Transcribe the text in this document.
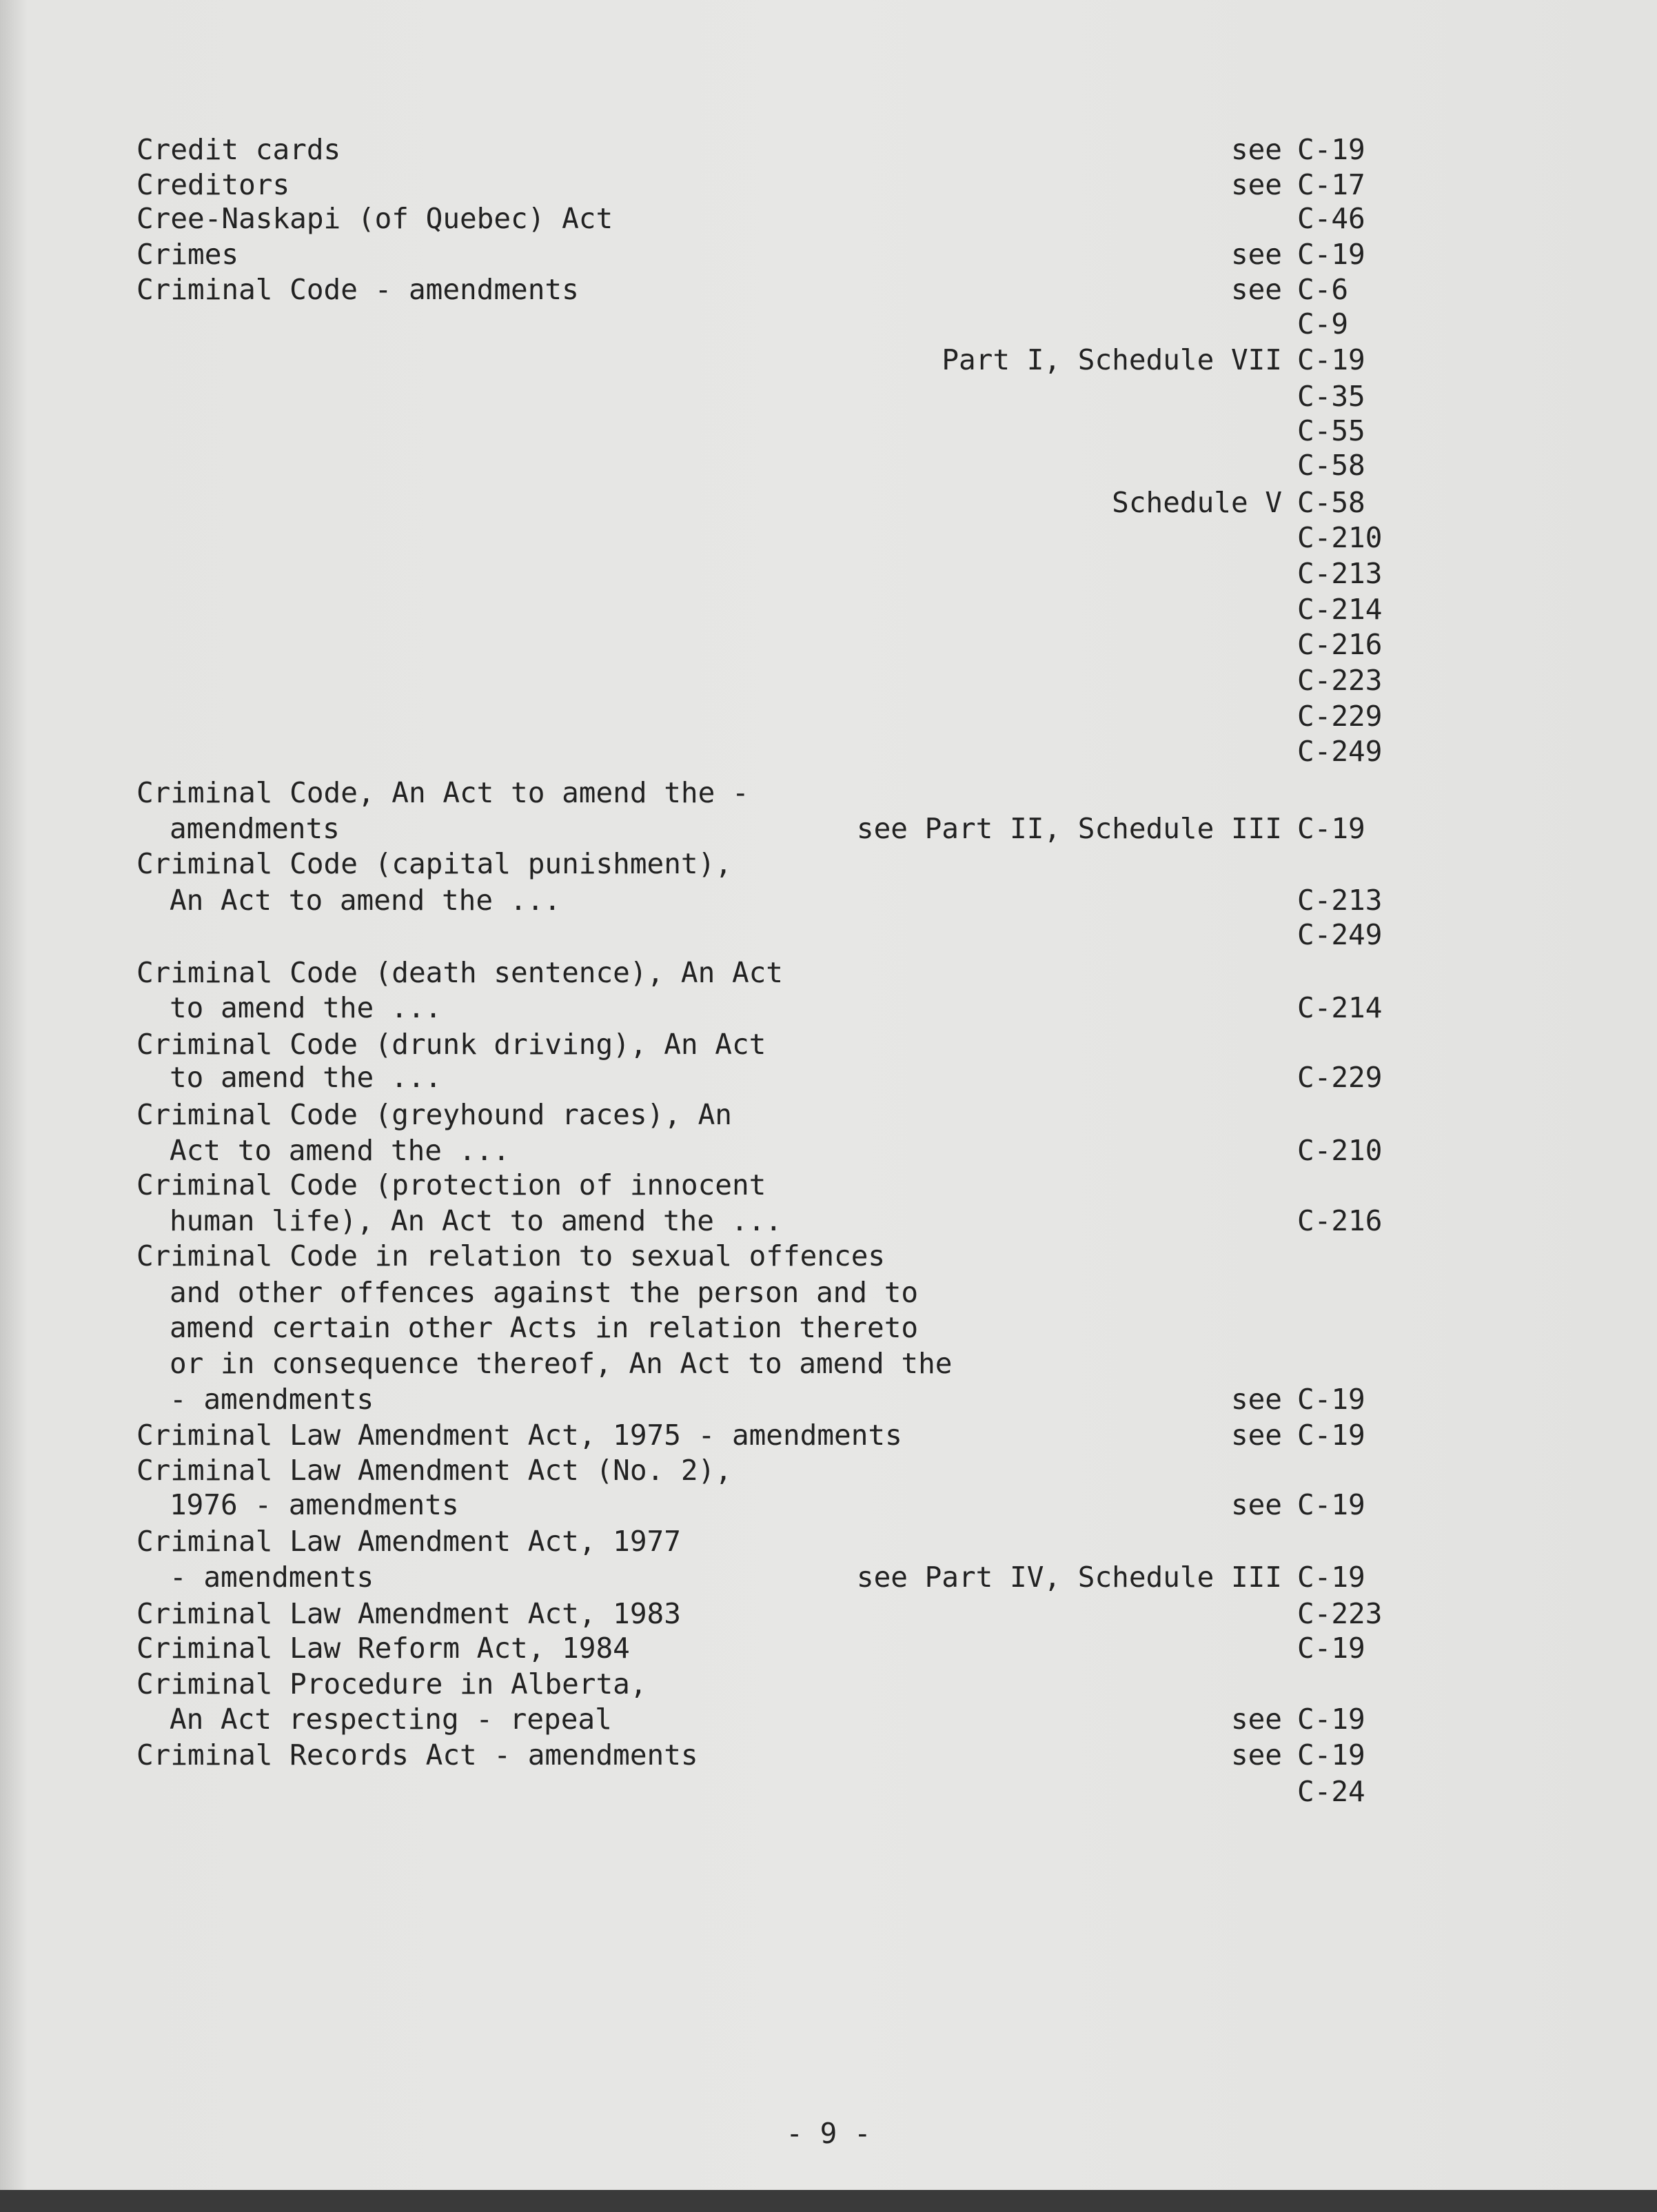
Credit cards	see C-19
Creditors	see C-17
Cree-Naskapi (of Quebec) Act	C-46
Crimes	see C-19
Criminal Code - amendments	see C-6
C-9
Part I, Schedule VII C-19
C-35
C-55
C-58
Schedule V C-58
C-210
C-213
C-214
C-216
C-223
C-229
C-249
Criminal Code, An Act to amend the -
amendments	see Part II, Schedule III C-19
Criminal Code (capital punishment),
An Act to amend the ...	C-213
C-249
Criminal Code (death sentence), An Act
to amend the ...	C-214
Criminal Code (drunk driving), An Act
to amend the ...	C-229
Criminal Code (greyhound races), An
Act to amend the ...	C-210
Criminal Code (protection of innocent
human life), An Act to amend the ...	C-216
Criminal Code in relation to sexual offences
and other offences against the person and to
amend certain other Acts in relation thereto
or in consequence thereof, An Act to amend the
- amendments	see C-19
Criminal Law Amendment Act, 1975 - amendments	see C-19
Criminal Law Amendment Act (No. 2),
1976 - amendments	see C-19
Criminal Law Amendment Act, 1977
- amendments	see Part IV, Schedule III C-19
Criminal Law Amendment Act, 1983	C-223
Criminal Law Reform Act, 1984	C-19
Criminal Procedure in Alberta,
An Act respecting - repeal	see C-19
Criminal Records Act - amendments	see C-19
C-24
- 9 -
